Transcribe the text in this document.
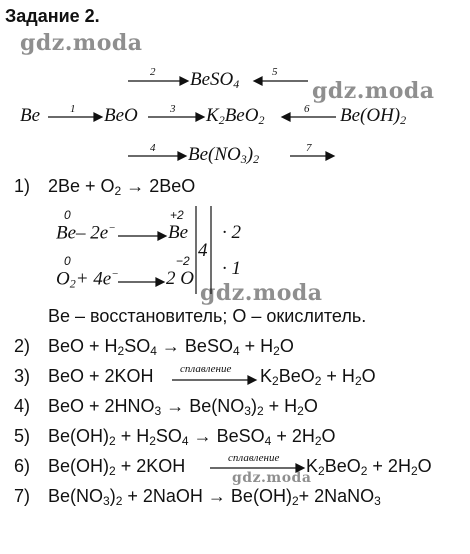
Задание 2.
gdz.moda
gdz.moda
gdz.moda
gdz.moda
2	5
1	3	6
4	7
BeSO$_4$
Be	BeO	$K_2BeO_2$	$Be(OH)_2$
$Be(NO_3)_2$
1) $2Be + O_2 \to 2BeO$
0
Be– 2e−	Be
+2
· 2
4
· 1
0
$O_2+ 4e^-$ 2 O
−2
Be – восстановитель; O – окислитель.
2) BeO + $H_2SO_4$ → BeSO$_4$ + $H_2O$
3) BeO + 2KOH сплавление $K_2BeO_2 + H_2O$
4) BeO + $2HNO_3 \to Be(NO_3)_2 + H_2O$
5) $Be(OH)_2 + H_2SO_4$ → BeSO$_4$ + $2H_2O$
6) $Be(OH)_2 + 2KOH$	сплавление $K_2BeO_2 + 2H_2O$
7) $Be(NO_3)_2$ + 2NaOH → $Be(OH)_2+$ 2NaNO$_3$
